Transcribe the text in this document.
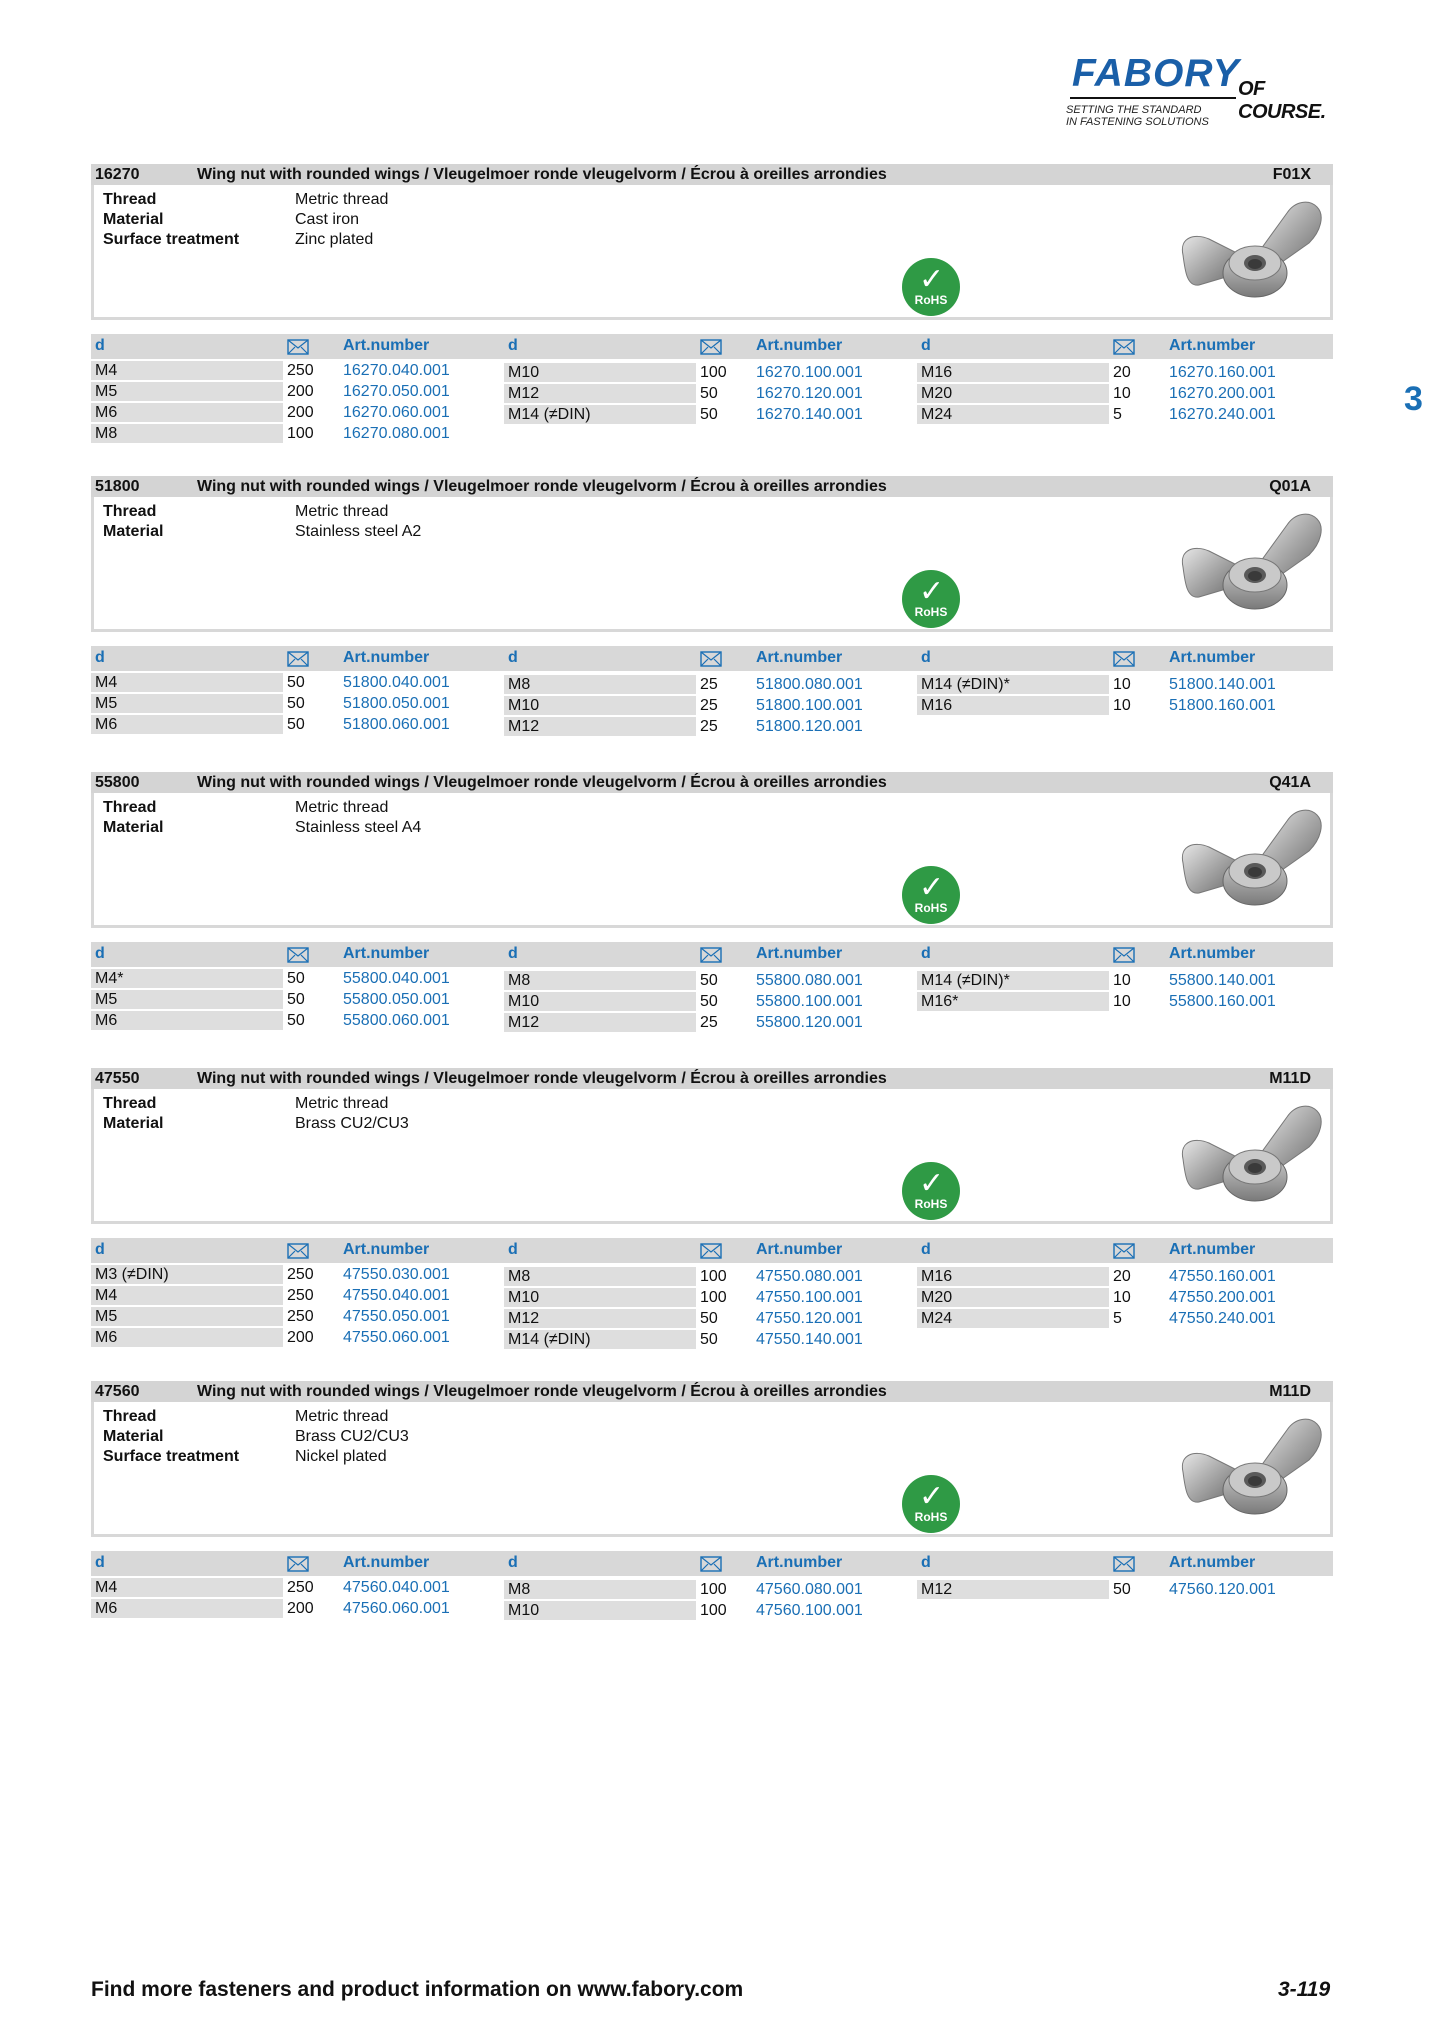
FABORY
OF COURSE.
SETTING THE STANDARD
IN FASTENING SOLUTIONS
3
16270	Wing nut with rounded wings / Vleugelmoer ronde vleugelvorm / Écrou à oreilles arrondies	F01X
Thread	Metric thread
Material	Cast iron
Surface treatment	Zinc plated
✓
RoHS
d	Art.number	d	Art.number	d	Art.number
M4	250 16270.040.001
M5	200 16270.050.001
M6	200 16270.060.001
M8	100 16270.080.001
M10	100 16270.100.001
M12	50 16270.120.001
M14 (≠DIN)	50 16270.140.001
M16	20 16270.160.001
M20	10 16270.200.001
M24	5	16270.240.001
51800	Wing nut with rounded wings / Vleugelmoer ronde vleugelvorm / Écrou à oreilles arrondies	Q01A
Thread	Metric thread
Material	Stainless steel A2
✓
RoHS
d	Art.number	d	Art.number	d	Art.number
M4	50 51800.040.001
M5	50 51800.050.001
M6	50 51800.060.001
M8	25 51800.080.001
M10	25 51800.100.001
M12	25 51800.120.001
M14 (≠DIN)*	10 51800.140.001
M16	10 51800.160.001
55800	Wing nut with rounded wings / Vleugelmoer ronde vleugelvorm / Écrou à oreilles arrondies	Q41A
Thread	Metric thread
Material	Stainless steel A4
✓
RoHS
d	Art.number	d	Art.number	d	Art.number
M4*	50 55800.040.001
M5	50 55800.050.001
M6	50 55800.060.001
M8	50 55800.080.001
M10	50 55800.100.001
M12	25 55800.120.001
M14 (≠DIN)*	10 55800.140.001
M16*	10 55800.160.001
47550	Wing nut with rounded wings / Vleugelmoer ronde vleugelvorm / Écrou à oreilles arrondies	M11D
Thread	Metric thread
Material	Brass CU2/CU3
✓
RoHS
d	Art.number	d	Art.number	d	Art.number
M3 (≠DIN)	250 47550.030.001
M4	250 47550.040.001
M5	250 47550.050.001
M6	200 47550.060.001
M8	100 47550.080.001
M10	100 47550.100.001
M12	50 47550.120.001
M14 (≠DIN)	50 47550.140.001
M16	20 47550.160.001
M20	10 47550.200.001
M24	5	47550.240.001
47560	Wing nut with rounded wings / Vleugelmoer ronde vleugelvorm / Écrou à oreilles arrondies	M11D
Thread	Metric thread
Material	Brass CU2/CU3
Surface treatment	Nickel plated
✓
RoHS
d	Art.number	d	Art.number	d	Art.number
M4	250 47560.040.001
M6	200 47560.060.001
M8	100 47560.080.001
M10	100 47560.100.001
M12	50 47560.120.001
Find more fasteners and product information on www.fabory.com	3-119
